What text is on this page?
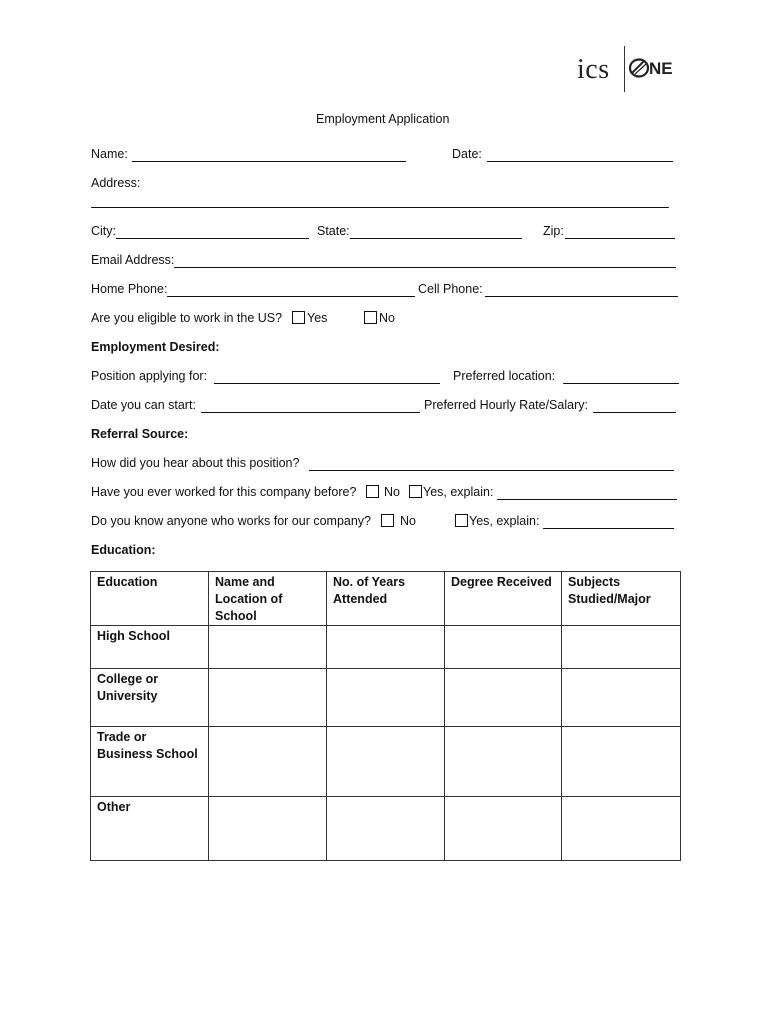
ics	NE
Employment Application
Name:	Date:
Address:
City:	State:	Zip:
Email Address:
Home Phone:	Cell Phone:
Are you eligible to work in the US? Yes	No
Employment Desired:
Position applying for:	Preferred location:
Date you can start:	Preferred Hourly Rate/Salary:
Referral Source:
How did you hear about this position?
Have you ever worked for this company before? No Yes, explain:
Do you know anyone who works for our company? No	Yes, explain:
Education:
Education	Name and Location of School	No. of Years Attended	Degree Received	Subjects Studied/Major
High School				
College or University				
Trade or Business School				
Other				
